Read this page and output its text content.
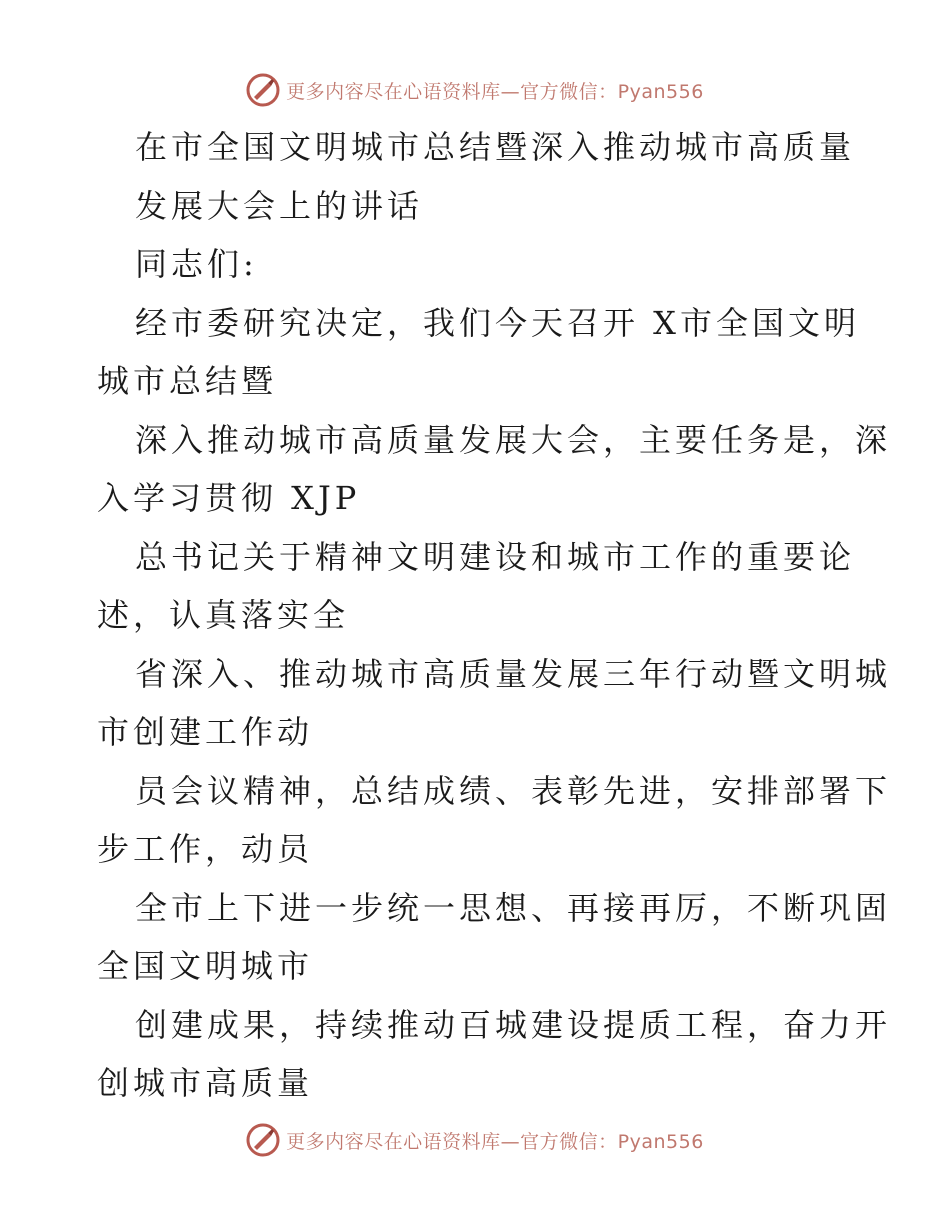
更多内容尽在心语资料库—官方微信：Pyan556
在市全国文明城市总结暨深入推动城市高质量
发展大会上的讲话
同志们:
经市委研究决定，我们今天召开 X市全国文明
城市总结暨
深入推动城市高质量发展大会，主要任务是，深
入学习贯彻 XJP
总书记关于精神文明建设和城市工作的重要论
述，认真落实全
省深入、推动城市高质量发展三年行动暨文明城
市创建工作动
员会议精神，总结成绩、表彰先进，安排部署下
步工作，动员
全市上下进一步统一思想、再接再厉，不断巩固
全国文明城市
创建成果，持续推动百城建设提质工程，奋力开
创城市高质量
更多内容尽在心语资料库—官方微信：Pyan556
